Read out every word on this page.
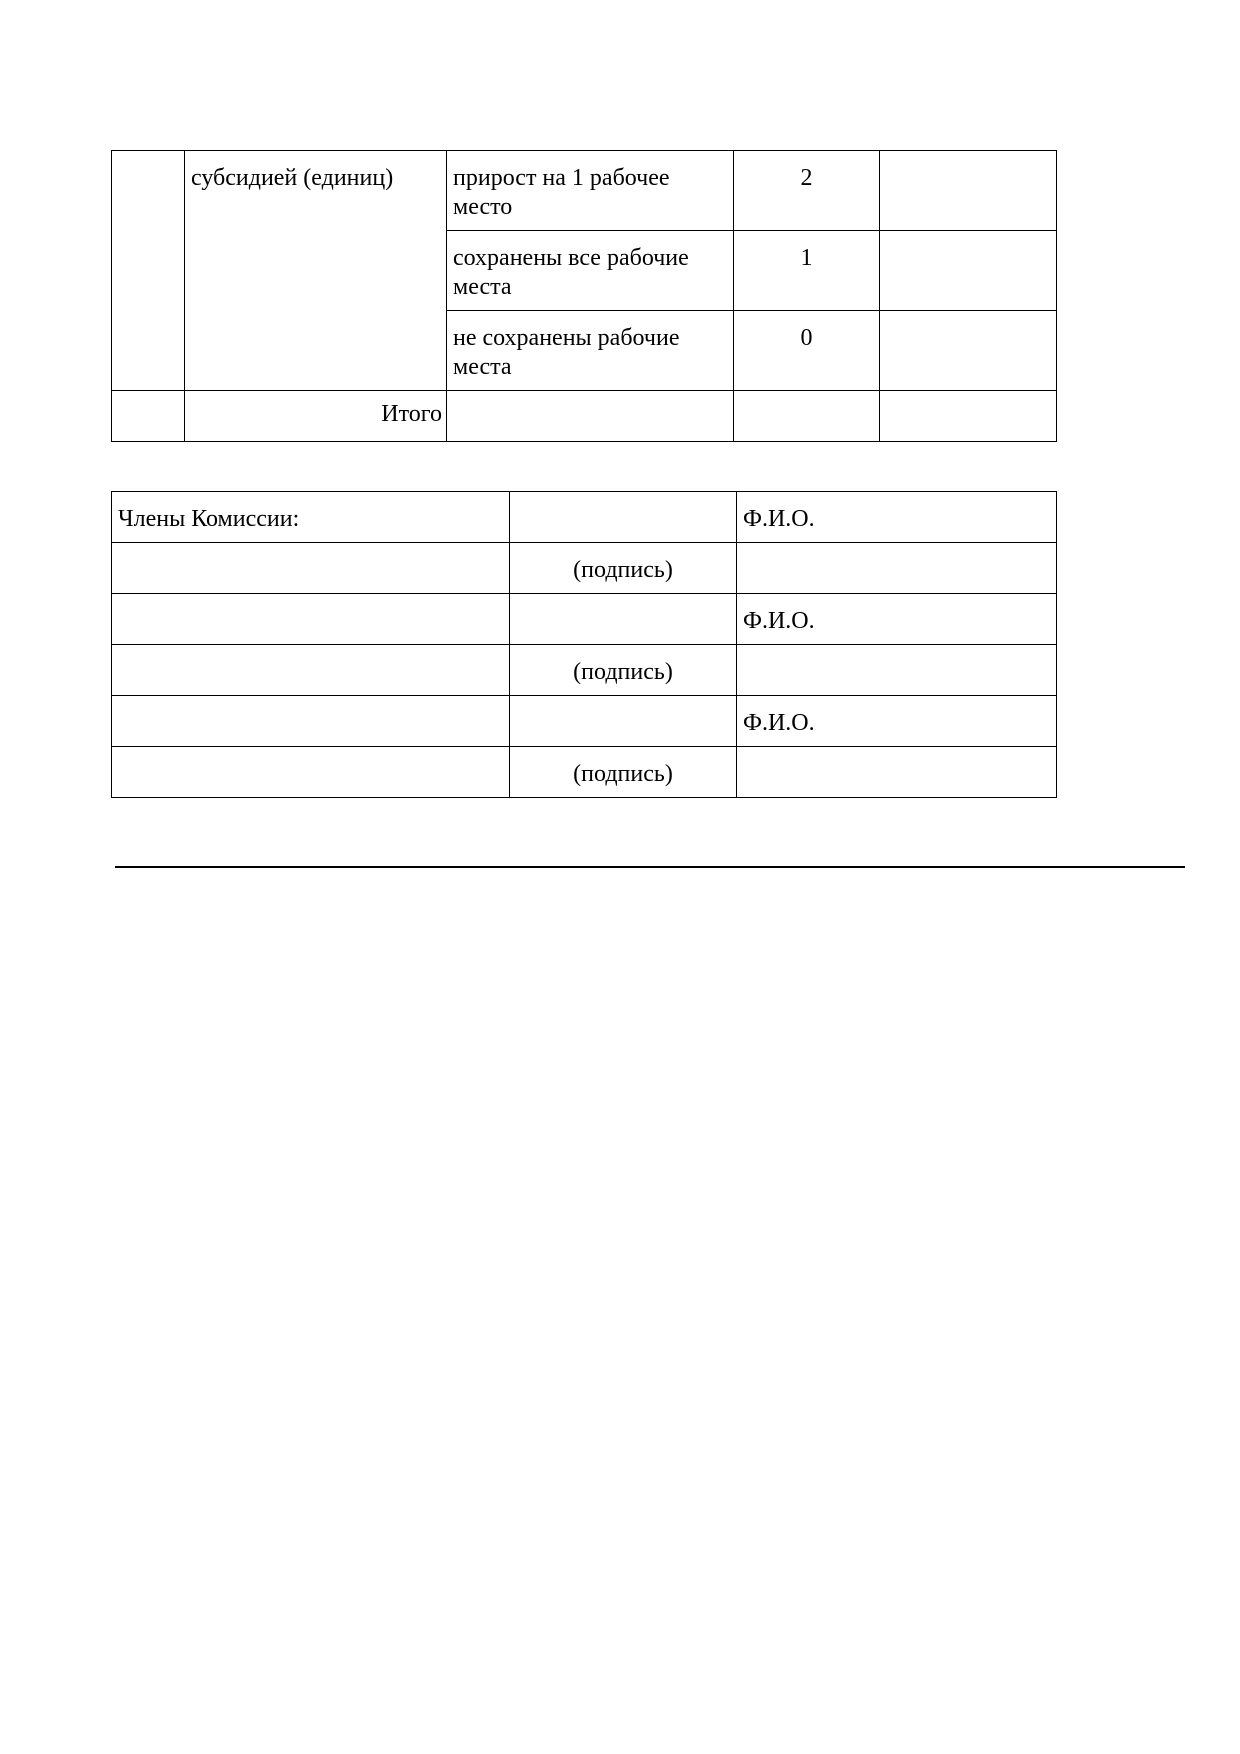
	субсидией (единиц)	прирост на 1 рабочее место	2	
		сохранены все рабочие места	1	
		не сохранены рабочие места	0	
	Итого			
Члены Комиссии:		Ф.И.О.
	(подпись)	
		Ф.И.О.
	(подпись)	
		Ф.И.О.
	(подпись)	
